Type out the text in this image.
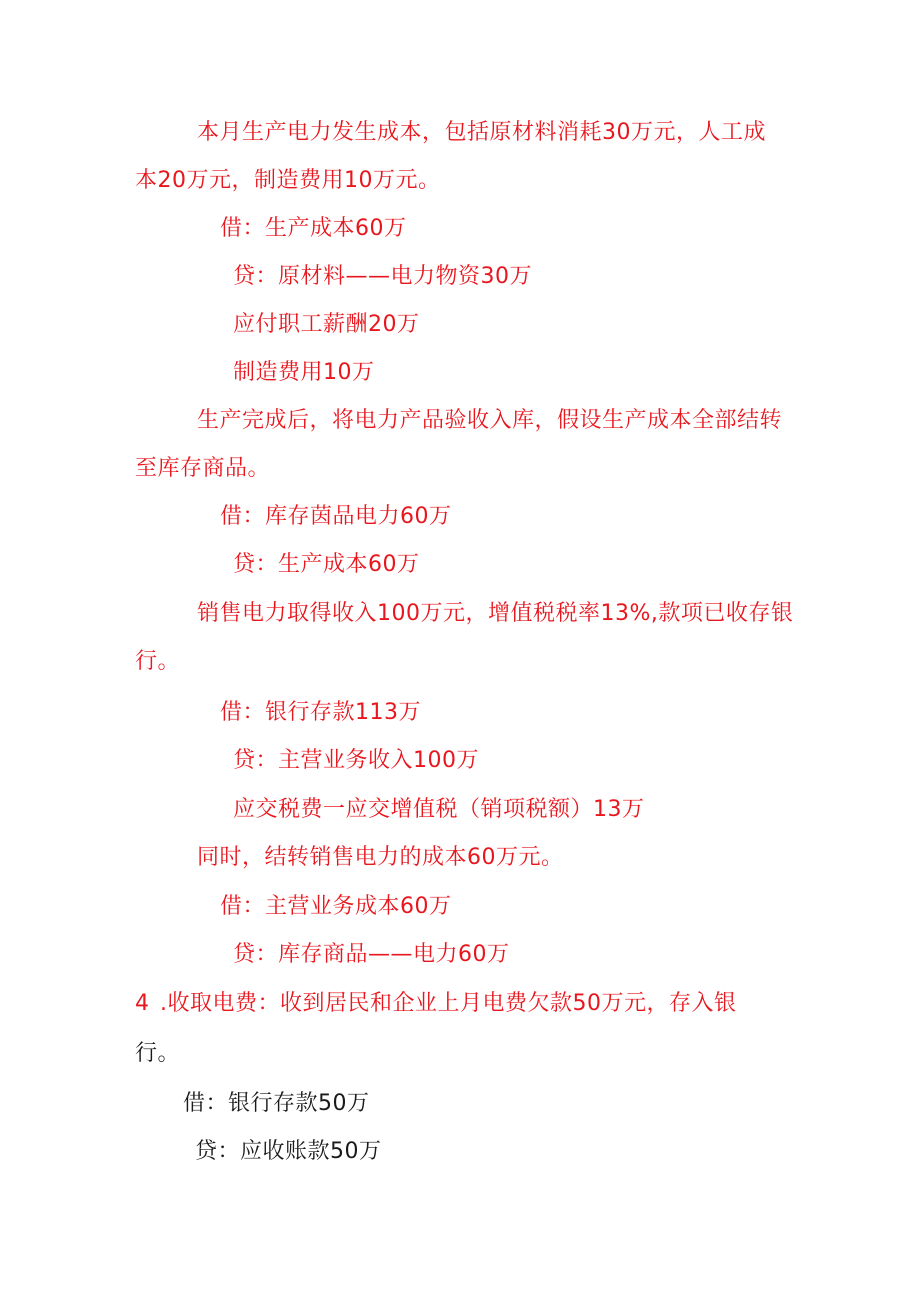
本月生产电力发生成本，包括原材料消耗30万元，人工成

本20万元，制造费用10万元。

借：生产成本60万

贷：原材料——电力物资30万

应付职工薪酬20万

制造费用10万

生产完成后，将电力产品验收入库，假设生产成本全部结转

至库存商品。

借：库存茵品电力60万

贷：生产成本60万

销售电力取得收入100万元，增值税税率13%,款项已收存银

行。

借：银行存款113万

贷：主营业务收入100万

应交税费一应交增值税（销项税额）13万

同时，结转销售电力的成本60万元。

借：主营业务成本60万

贷：库存商品——电力60万

4 .收取电费：收到居民和企业上月电费欠款50万元，存入银

行。

借：银行存款50万

贷：应收账款50万
